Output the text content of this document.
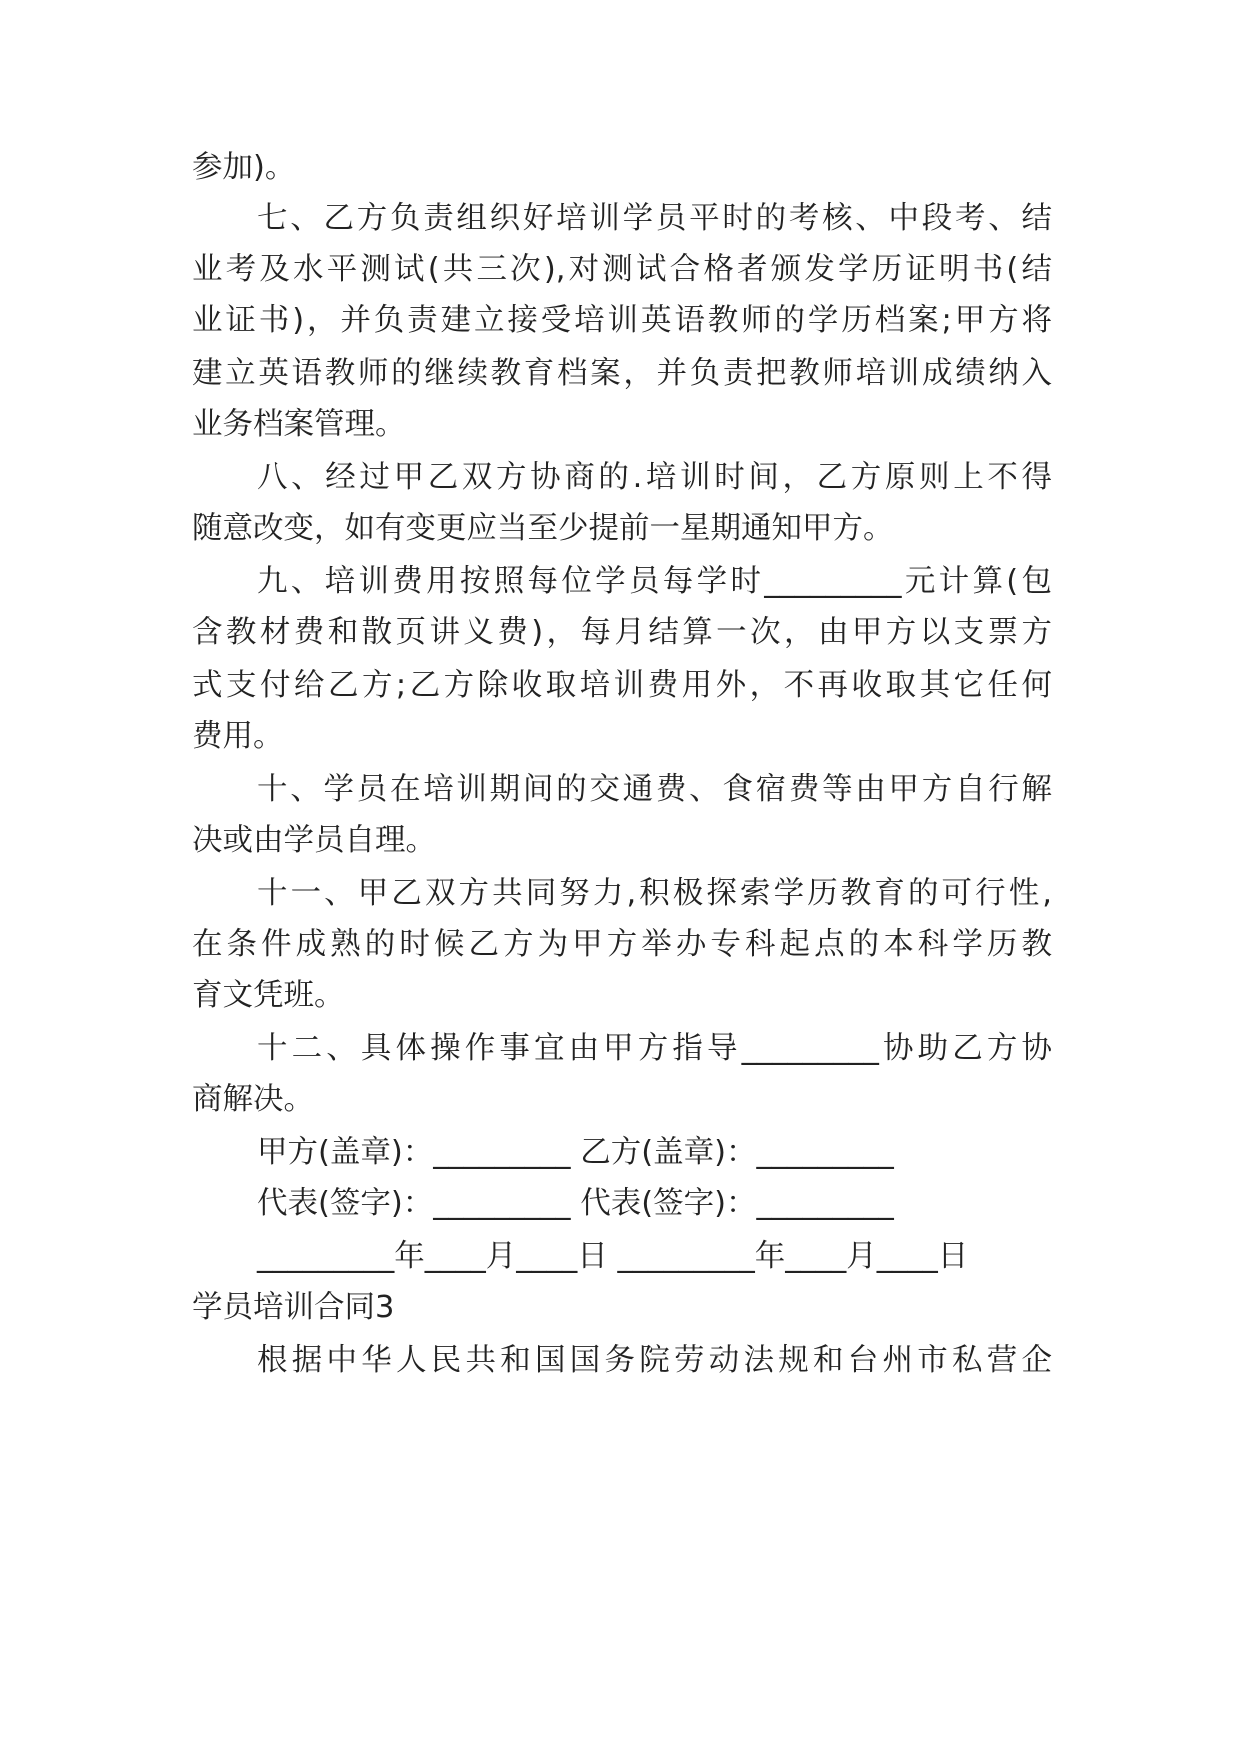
参加)。
七、乙方负责组织好培训学员平时的考核、中段考、结
业考及水平测试(共三次),对测试合格者颁发学历证明书(结
业证书)，并负责建立接受培训英语教师的学历档案;甲方将
建立英语教师的继续教育档案，并负责把教师培训成绩纳入
业务档案管理。
八、经过甲乙双方协商的.培训时间，乙方原则上不得
随意改变，如有变更应当至少提前一星期通知甲方。
九、培训费用按照每位学员每学时_________元计算(包
含教材费和散页讲义费)，每月结算一次，由甲方以支票方
式支付给乙方;乙方除收取培训费用外，不再收取其它任何
费用。
十、学员在培训期间的交通费、食宿费等由甲方自行解
决或由学员自理。
十一、甲乙双方共同努力,积极探索学历教育的可行性,
在条件成熟的时候乙方为甲方举办专科起点的本科学历教
育文凭班。
十二、具体操作事宜由甲方指导_________协助乙方协
商解决。
甲方(盖章)：_________ 乙方(盖章)：_________
代表(签字)：_________ 代表(签字)：_________
_________年____月____日 _________年____月____日
学员培训合同3
根据中华人民共和国国务院劳动法规和台州市私营企
